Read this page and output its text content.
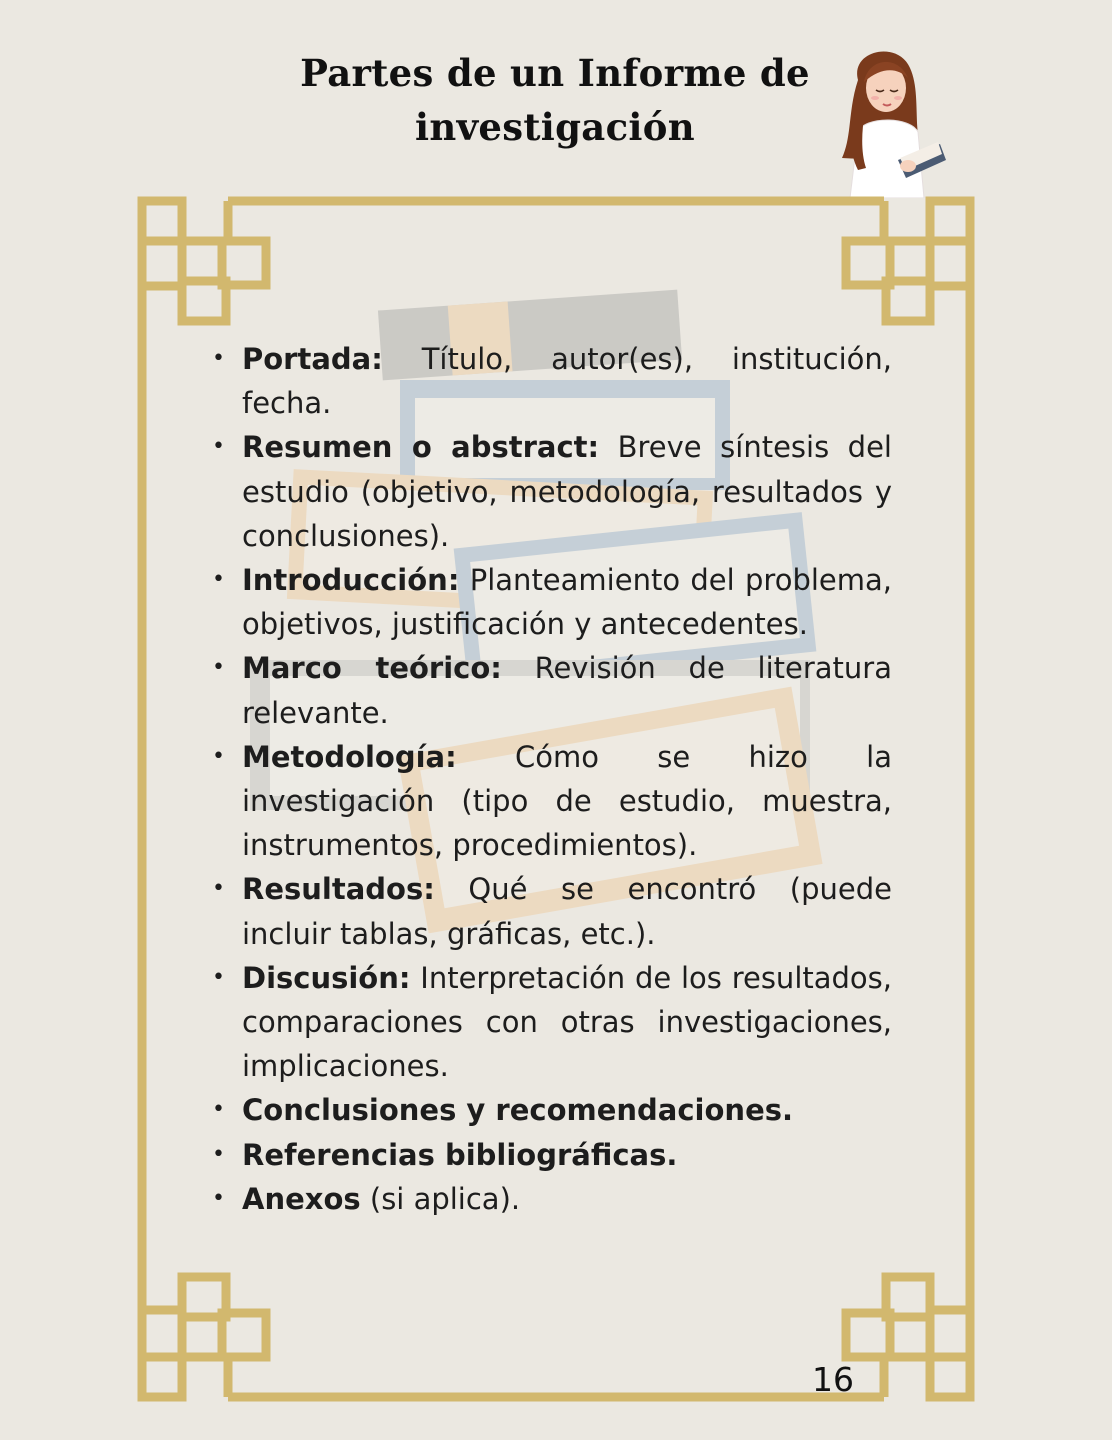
Partes de un Informe de
investigación
• Portada: Título, autor(es), institución, fecha.
• Resumen o abstract: Breve síntesis del estudio (objetivo, metodología, resultados y conclusiones).
• Introducción: Planteamiento del problema, objetivos, justificación y antecedentes.
• Marco teórico: Revisión de literatura relevante.
• Metodología: Cómo se hizo la investigación (tipo de estudio, muestra, instrumentos, procedimientos).
• Resultados: Qué se encontró (puede incluir tablas, gráficas, etc.).
• Discusión: Interpretación de los resultados, comparaciones con otras investigaciones, implicaciones.
• Conclusiones y recomendaciones.
• Referencias bibliográficas.
• Anexos (si aplica).
16
